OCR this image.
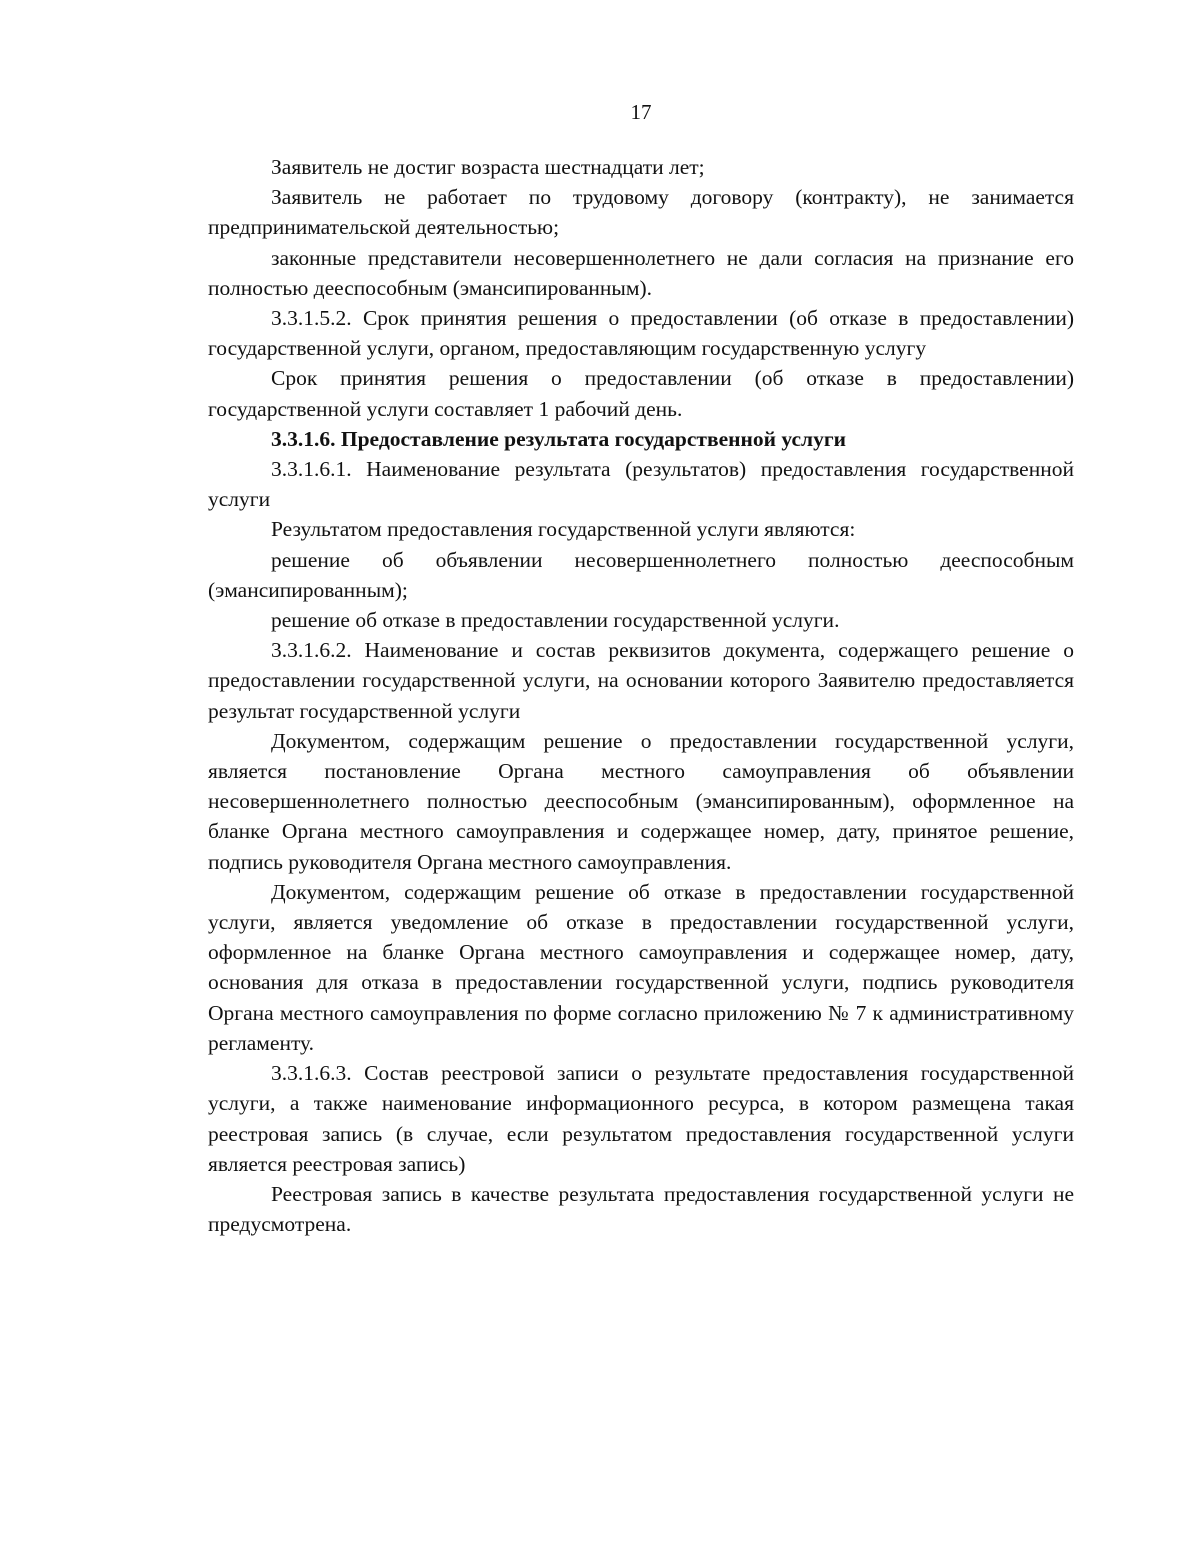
17

Заявитель не достиг возраста шестнадцати лет;

Заявитель не работает по трудовому договору (контракту), не занимается предпринимательской деятельностью;

законные представители несовершеннолетнего не дали согласия на признание его полностью дееспособным (эмансипированным).

3.3.1.5.2. Срок принятия решения о предоставлении (об отказе в предоставлении) государственной услуги, органом, предоставляющим государственную услугу

Срок принятия решения о предоставлении (об отказе в предоставлении) государственной услуги составляет 1 рабочий день.

3.3.1.6. Предоставление результата государственной услуги

3.3.1.6.1. Наименование результата (результатов) предоставления государственной услуги

Результатом предоставления государственной услуги являются:

решение об объявлении несовершеннолетнего полностью дееспособным (эмансипированным);

решение об отказе в предоставлении государственной услуги.

3.3.1.6.2. Наименование и состав реквизитов документа, содержащего решение о предоставлении государственной услуги, на основании которого Заявителю предоставляется результат государственной услуги

Документом, содержащим решение о предоставлении государственной услуги, является постановление Органа местного самоуправления об объявлении несовершеннолетнего полностью дееспособным (эмансипированным), оформленное на бланке Органа местного самоуправления и содержащее номер, дату, принятое решение, подпись руководителя Органа местного самоуправления.

Документом, содержащим решение об отказе в предоставлении государственной услуги, является уведомление об отказе в предоставлении государственной услуги, оформленное на бланке Органа местного самоуправления и содержащее номер, дату, основания для отказа в предоставлении государственной услуги, подпись руководителя Органа местного самоуправления по форме согласно приложению № 7 к административному регламенту.

3.3.1.6.3. Состав реестровой записи о результате предоставления государственной услуги, а также наименование информационного ресурса, в котором размещена такая реестровая запись (в случае, если результатом предоставления государственной услуги является реестровая запись)

Реестровая запись в качестве результата предоставления государственной услуги не предусмотрена.
